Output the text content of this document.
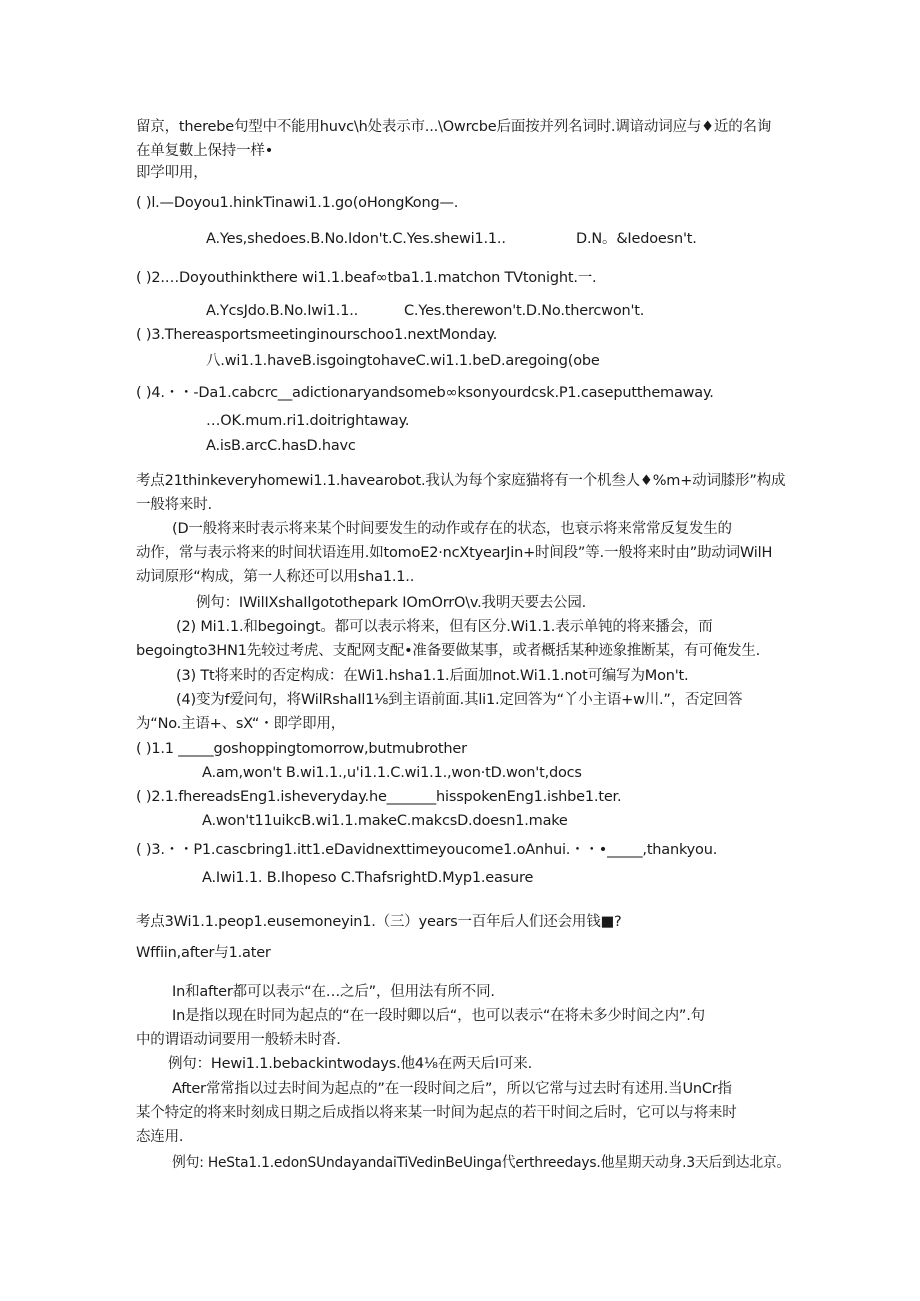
留京，therebe句型中不能用huvc\h处表示市...\Owrcbe后面按并列名词时.调谙动词应与♦近的名询
在单复數上保持一样•
即学叩用，
( )l.—Doyou1.hinkTinawi1.1.go(oHongKong—.
A.Yes,shedoes.B.No.Idon't.C.Yes.shewi1.1..	D.N。&Iedoesn't.
( )2.…Doyouthinkthere wi1.1.beaf∞tba1.1.matchon TVtonight.一.
A.YcsJdo.B.No.Iwi1.1..	C.Yes.therewon't.D.No.thercwon't.
( )3.Thereasportsmeetinginourschoo1.nextMonday.
八.wi1.1.haveB.isgoingtohaveC.wi1.1.beD.aregoing(obe
( )4.・・-Da1.cabcrc__adictionaryandsomeb∞ksonyourdcsk.P1.caseputthemaway.
…OK.mum.ri1.doitrightaway.
A.isB.arcC.hasD.havc
考点21thinkeveryhomewi1.1.havearobot.我认为每个家庭猫将有一个机叁人♦%m+动词膝形”构成
一般将来时.
(D一般将来时表示将来某个时间要发生的动作或存在的状态，也衰示将来常常反复发生的
动作，常与表示将来的时间状语连用.如tomoE2·ncXtyearJin+时间段”等.一般将来时由”助动词WilH
动词原形“构成，第一人称还可以用sha1.1..
例句：IWilIXshaIlgotothepark IOmOrrO\v.我明天要去公园.
(2) Mi1.1.和begoingt。都可以表示将来，但有区分.Wi1.1.表示单钝的将来播会，而
begoingto3HN1先较过考虎、支配网支配•准备要做某事，或者概括某种迹象推断某，有可俺发生.
(3) Tt将来时的否定构成：在Wi1.hsha1.1.后面加not.Wi1.1.not可编写为Mon't.
(4)变为f爱问句，将WilRshaIl1⅛到主语前面.其li1.定回答为“丫小主语+w川.”，否定回答
为“No.主语+、sX“・即学即用，
( )1.1 _____goshoppingtomorrow,butmubrother
A.am,won't B.wi1.1.,u'i1.1.C.wi1.1.,won·tD.won't,docs
( )2.1.fhereadsEng1.isheveryday.he_______hisspokenEng1.ishbe1.ter.
A.won't11uikcB.wi1.1.makeC.makcsD.doesn1.make
( )3.・・P1.cascbring1.itt1.eDavidnexttimeyoucome1.oAnhui.・・•_____,thankyou.
A.Iwi1.1. B.Ihopeso C.ThafsrightD.Myp1.easure
考点3Wi1.1.peop1.eusemoneyin1.（三）years一百年后人们还会用钱■?
Wffiin,after与1.ater
In和after都可以表示“在…之后”，但用法有所不同.
In是指以现在时同为起点的“在一段时卿以后“，也可以表示“在将未多少时间之内”.句
中的谓语动词要用一般轿未时沓.
例句：Hewi1.1.bebackintwodays.他4⅛在两天后I可来.
After常常指以过去时间为起点的”在一段时间之后”，所以它常与过去时有述用.当UnCr指
某个特定的将来时刻成日期之后成指以将来某一时间为起点的若干时间之后时，它可以与将耒时
态连用.
例句: HeSta1.1.edonSUndayandaiTiVedinBeUinga代erthreedays.他星期天动身.3天后到达北京。
